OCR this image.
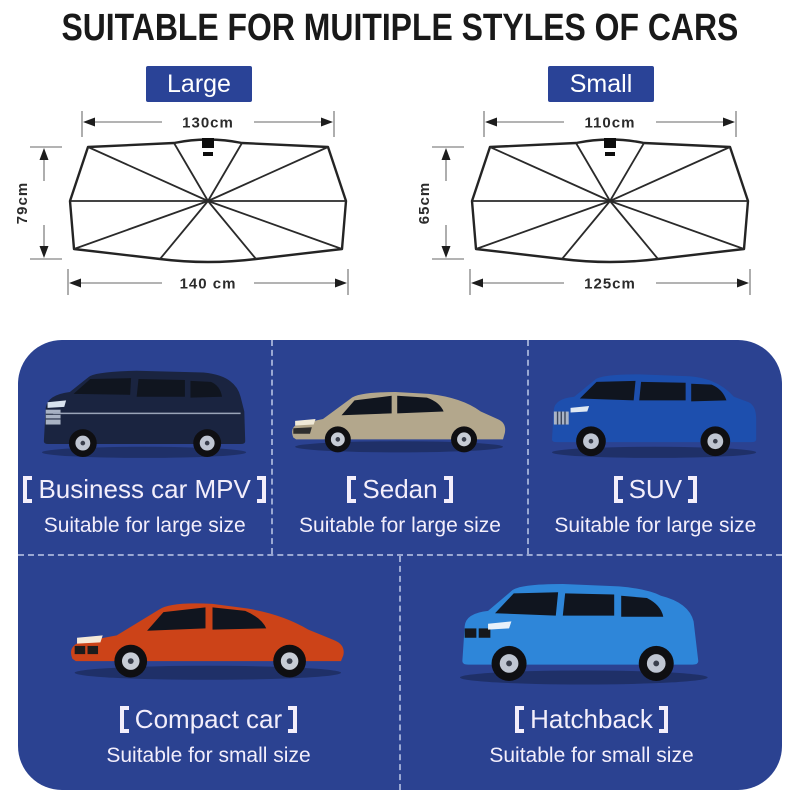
SUITABLE FOR MUITIPLE STYLES OF CARS
Large
130cm
79cm
140 cm
Small
110cm
65cm
125cm
Business car MPV
Suitable for large size
Sedan
Suitable for large size
SUV
Suitable for large size
Compact car
Suitable for small size
Hatchback
Suitable for small size
